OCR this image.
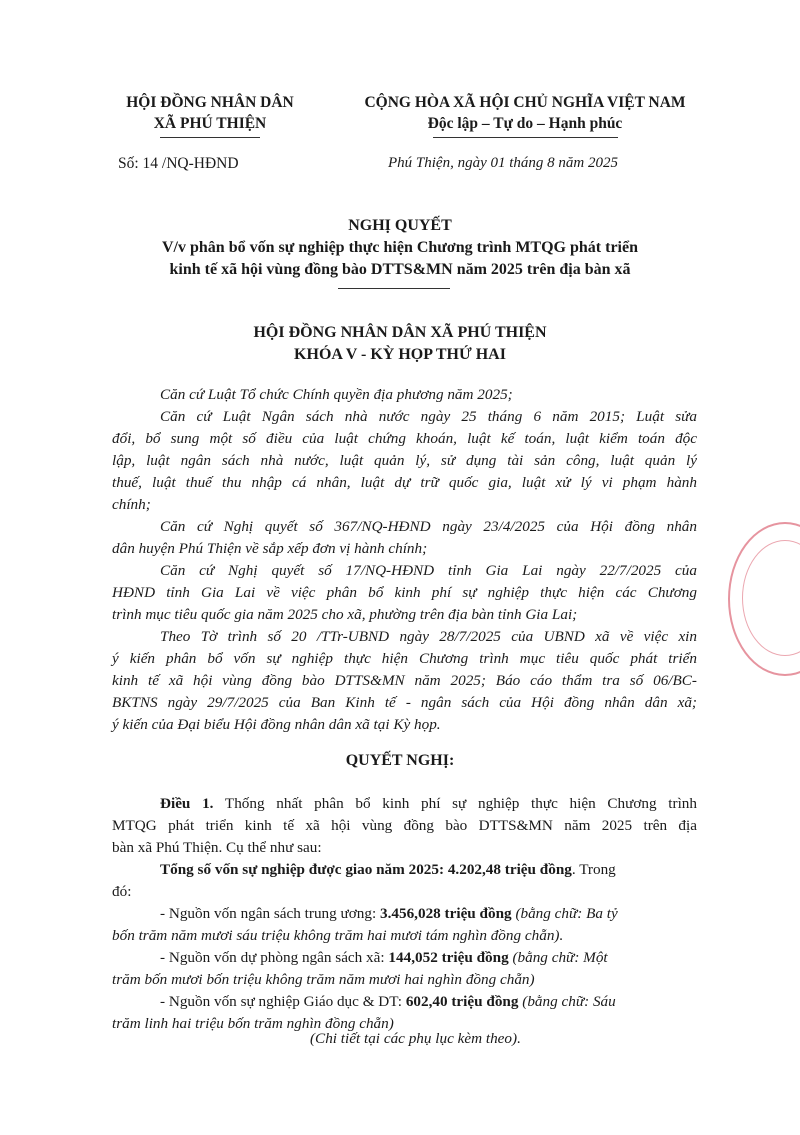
HỘI ĐỒNG NHÂN DÂN
XÃ PHÚ THIỆN
CỘNG HÒA XÃ HỘI CHỦ NGHĨA VIỆT NAM
Độc lập – Tự do – Hạnh phúc
Số: 14 /NQ-HĐND	Phú Thiện, ngày 01 tháng 8 năm 2025
NGHỊ QUYẾT
V/v phân bổ vốn sự nghiệp thực hiện Chương trình MTQG phát triển
kinh tế xã hội vùng đồng bào DTTS&MN năm 2025 trên địa bàn xã
HỘI ĐỒNG NHÂN DÂN XÃ PHÚ THIỆN
KHÓA V - KỲ HỌP THỨ HAI
Căn cứ Luật Tổ chức Chính quyền địa phương năm 2025;
Căn cứ Luật Ngân sách nhà nước ngày 25 tháng 6 năm 2015; Luật sửa
đổi, bổ sung một số điều của luật chứng khoán, luật kế toán, luật kiểm toán độc
lập, luật ngân sách nhà nước, luật quản lý, sử dụng tài sản công, luật quản lý
thuế, luật thuế thu nhập cá nhân, luật dự trữ quốc gia, luật xử lý vi phạm hành
chính;
Căn cứ Nghị quyết số 367/NQ-HĐND ngày 23/4/2025 của Hội đồng nhân
dân huyện Phú Thiện về sắp xếp đơn vị hành chính;
Căn cứ Nghị quyết số 17/NQ-HĐND tỉnh Gia Lai ngày 22/7/2025 của
HĐND tỉnh Gia Lai về việc phân bổ kinh phí sự nghiệp thực hiện các Chương
trình mục tiêu quốc gia năm 2025 cho xã, phường trên địa bàn tỉnh Gia Lai;
Theo Tờ trình số 20 /TTr-UBND ngày 28/7/2025 của UBND xã về việc xin
ý kiến phân bổ vốn sự nghiệp thực hiện Chương trình mục tiêu quốc phát triển
kinh tế xã hội vùng đồng bào DTTS&MN năm 2025; Báo cáo thẩm tra số 06/BC-
BKTNS ngày 29/7/2025 của Ban Kinh tế - ngân sách của Hội đồng nhân dân xã;
ý kiến của Đại biểu Hội đồng nhân dân xã tại Kỳ họp.
QUYẾT NGHỊ:
Điều 1. Thống nhất phân bổ kinh phí sự nghiệp thực hiện Chương trình
MTQG phát triển kinh tế xã hội vùng đồng bào DTTS&MN năm 2025 trên địa
bàn xã Phú Thiện. Cụ thể như sau:
Tổng số vốn sự nghiệp được giao năm 2025: 4.202,48 triệu đồng. Trong
đó:
- Nguồn vốn ngân sách trung ương: 3.456,028 triệu đồng (bằng chữ: Ba tỷ
bốn trăm năm mươi sáu triệu không trăm hai mươi tám nghìn đồng chẵn).
- Nguồn vốn dự phòng ngân sách xã: 144,052 triệu đồng (bằng chữ: Một
trăm bốn mươi bốn triệu không trăm năm mươi hai nghìn đồng chẵn)
- Nguồn vốn sự nghiệp Giáo dục & DT: 602,40 triệu đồng (bằng chữ: Sáu
trăm linh hai triệu bốn trăm nghìn đồng chẵn)
(Chi tiết tại các phụ lục kèm theo).
